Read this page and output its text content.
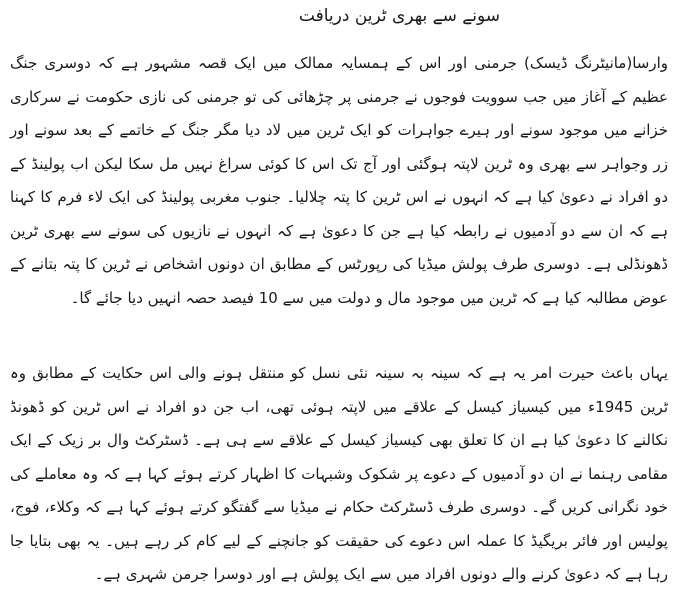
سونے سے بھری ٹرین دریافت

وارسا(مانیٹرنگ ڈیسک) جرمنی اور اس کے ہمسایہ ممالک میں ایک قصہ مشہور ہے کہ دوسری جنگ عظیم کے آغاز میں جب سوویت فوجوں نے جرمنی پر چڑھائی کی تو جرمنی کی نازی حکومت نے سرکاری خزانے میں موجود سونے اور ہیرے جواہرات کو ایک ٹرین میں لاد دیا مگر جنگ کے خاتمے کے بعد سونے اور زر وجواہر سے بھری وہ ٹرین لاپتہ ہوگئی اور آج تک اس کا کوئی سراغ نہیں مل سکا لیکن اب پولینڈ کے دو افراد نے دعویٰ کیا ہے کہ انہوں نے اس ٹرین کا پتہ چلالیا۔ جنوب مغربی پولینڈ کی ایک لاء فرم کا کہنا ہے کہ ان سے دو آدمیوں نے رابطہ کیا ہے جن کا دعویٰ ہے کہ انہوں نے نازیوں کی سونے سے بھری ٹرین ڈھونڈلی ہے۔ دوسری طرف پولش میڈیا کی رپورٹس کے مطابق ان دونوں اشخاص نے ٹرین کا پتہ بتانے کے عوض مطالبہ کیا ہے کہ ٹرین میں موجود مال و دولت میں سے 10 فیصد حصہ انہیں دیا جائے گا۔

یہاں باعث حیرت امر یہ ہے کہ سینہ بہ سینہ نئی نسل کو منتقل ہونے والی اس حکایت کے مطابق وہ ٹرین 1945ء میں کیسیاز کیسل کے علاقے میں لاپتہ ہوئی تھی، اب جن دو افراد نے اس ٹرین کو ڈھونڈ نکالنے کا دعویٰ کیا ہے ان کا تعلق بھی کیسیاز کیسل کے علاقے سے ہی ہے۔ ڈسٹرکٹ وال بر زیک کے ایک مقامی رہنما نے ان دو آدمیوں کے دعوے پر شکوک وشبہات کا اظہار کرتے ہوئے کہا ہے کہ وہ معاملے کی خود نگرانی کریں گے۔ دوسری طرف ڈسٹرکٹ حکام نے میڈیا سے گفتگو کرتے ہوئے کہا ہے کہ وکلاء، فوج، پولیس اور فائر بریگیڈ کا عملہ اس دعوے کی حقیقت کو جانچنے کے لیے کام کر رہے ہیں۔ یہ بھی بتایا جا رہا ہے کہ دعویٰ کرنے والے دونوں افراد میں سے ایک پولش ہے اور دوسرا جرمن شہری ہے۔
